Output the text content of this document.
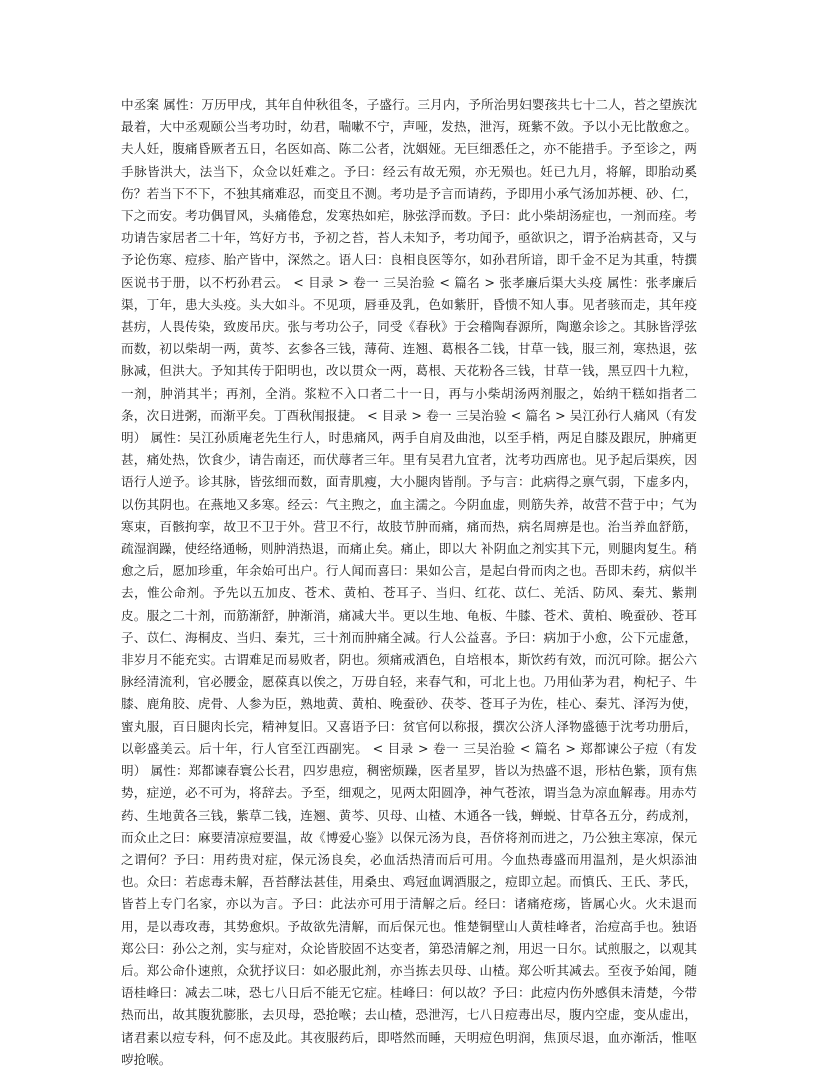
中丞案 属性：万历甲戌，其年自仲秋徂冬，子盛行。三月内，予所治男妇婴孩共七十二人，苔之望族沈最着，大中丞观颐公当考功时，幼君，喘嗽不宁，声哑，发热，泄泻，斑紫不敛。予以小无比散愈之。夫人妊，腹痛昏厥者五日，名医如高、陈二公者，沈姻娅。无巨细悉任之，亦不能措手。予至诊之，两手脉皆洪大，法当下，众佥以妊难之。予曰：经云有故无殒，亦无殒也。妊已九月，将解，即胎动奚伤？若当下不下，不独其痛难忍，而变且不测。考功是予言而请药，予即用小承气汤加苏梗、砂、仁，下之而安。考功偶冒风，头痛倦怠，发寒热如疟，脉弦浮而数。予曰：此小柴胡汤症也，一剂而痊。考功请告家居者二十年，笃好方书，予初之苔，苔人未知予，考功闻予，亟欲识之，谓予治病甚奇，又与予论伤寒、痘疹、胎产皆中，深然之。语人曰：良相良医等尔，如孙君所谙，即千金不足为其重，特撰医说书于册，以不朽孙君云。 < 目录 > 卷一 三吴治验 < 篇名 > 张孝廉后渠大头疫 属性：张孝廉后渠，丁年，患大头疫。头大如斗。不见项，唇垂及乳，色如紫肝，昏愦不知人事。见者骇而走，其年疫甚疠，人畏传染，致废吊庆。张与考功公子，同受《春秋》于会稽陶春源所，陶邀余诊之。其脉皆浮弦而数，初以柴胡一两，黄芩、玄参各三钱，薄荷、连翘、葛根各二钱，甘草一钱，服三剂，寒热退，弦脉减，但洪大。予知其传于阳明也，改以贯众一两，葛根、天花粉各三钱，甘草一钱，黑豆四十九粒，一剂，肿消其半；再剂，全消。浆粒不入口者二十一日，再与小柴胡汤两剂服之，始纳干糕如指者二条，次日进粥，而渐平矣。丁酉秋闱报捷。 < 目录 > 卷一 三吴治验 < 篇名 > 吴江孙行人痛风（有发明） 属性：吴江孙质庵老先生行人，时患痛风，两手自肩及曲池，以至手梢，两足自膝及跟尻，肿痛更甚，痛处热，饮食少，请告南还，而伏蓐者三年。里有吴君九宜者，沈考功西席也。见予起后渠疾，因语行人逆予。诊其脉，皆弦细而数，面青肌瘦，大小腿肉皆削。予与言：此病得之禀气弱，下虚多内，以伤其阴也。在燕地又多寒。经云：气主煦之，血主濡之。今阴血虚，则筋失养，故营不营于中；气为寒束，百骸拘挛，故卫不卫于外。营卫不行，故肢节肿而痛，痛而热，病名周痹是也。治当养血舒筋，疏湿润躁，使经络通畅，则肿消热退，而痛止矣。痛止，即以大 补阴血之剂实其下元，则腿肉复生。稍愈之后，愿加珍重，年余始可出户。行人闻而喜曰：果如公言，是起白骨而肉之也。吾即未药，病似半去，惟公命剂。予先以五加皮、苍术、黄柏、苍耳子、当归、红花、苡仁、羌活、防风、秦艽、紫荆皮。服之二十剂，而筋渐舒，肿渐消，痛减大半。更以生地、龟板、牛膝、苍术、黄柏、晚蚕砂、苍耳子、苡仁、海桐皮、当归、秦艽，三十剂而肿痛全减。行人公益喜。予曰：病加于小愈，公下元虚惫，非岁月不能充实。古谓难足而易败者，阴也。须痛戒酒色，自培根本，斯饮药有效，而沉可除。据公六脉经清流利，官必腰金，愿葆真以俟之，万毋自轻，来春气和，可北上也。乃用仙茅为君，枸杞子、牛膝、鹿角胶、虎骨、人参为臣，熟地黄、黄柏、晚蚕砂、茯苓、苍耳子为佐，桂心、秦艽、泽泻为使，蜜丸服，百日腿肉长完，精神复旧。又喜语予曰：贫官何以称报，撰次公济人泽物盛德于沈考功册后，以彰盛美云。后十年，行人官至江西副宪。 < 目录 > 卷一 三吴治验 < 篇名 > 郑都谏公子痘（有发明） 属性：郑都谏春寰公长君，四岁患痘，稠密烦躁，医者星罗，皆以为热盛不退，形枯色紫，顶有焦势，症逆，必不可为，将辞去。予至，细观之，见两太阳圆净，神气苍浓，谓当急为凉血解毒。用赤芍药、生地黄各三钱，紫草二钱，连翘、黄芩、贝母、山楂、木通各一钱，蝉蜕、甘草各五分，药成剂，而众止之曰：麻要清凉痘要温，故《博爱心鉴》以保元汤为良，吾侪将剂而进之，乃公独主寒凉，保元之谓何？予曰：用药贵对症，保元汤良矣，必血活热清而后可用。今血热毒盛而用温剂，是火炽添油也。众曰：若虑毒未解，吾苔酵法甚佳，用桑虫、鸡冠血调酒服之，痘即立起。而慎氏、王氏、茅氏，皆苔上专门名家，亦以为言。予曰：此法亦可用于清解之后。经曰：诸痛疮疡，皆属心火。火未退而用，是以毒攻毒，其势愈炽。予故欲先清解，而后保元也。惟楚铜壁山人黄桂峰者，治痘高手也。独语郑公曰：孙公之剂，实与症对，众论皆胶固不达变者，第恐清解之剂，用迟一日尔。试煎服之，以观其后。郑公命仆速煎，众犹抒议曰：如必服此剂，亦当拣去贝母、山楂。郑公听其减去。至夜予始闻，随语桂峰曰：减去二味，恐七八日后不能无它症。桂峰曰：何以故？予曰：此痘内伤外感俱未清楚，今带热而出，故其腹犹膨胀，去贝母，恐抢喉；去山楂，恐泄泻，七八日痘毒出尽，腹内空虚，变从虚出，诸君素以痘专科，何不虑及此。其夜服药后，即嗒然而睡，天明痘色明润，焦顶尽退，血亦渐活，惟呕哕抢喉。
